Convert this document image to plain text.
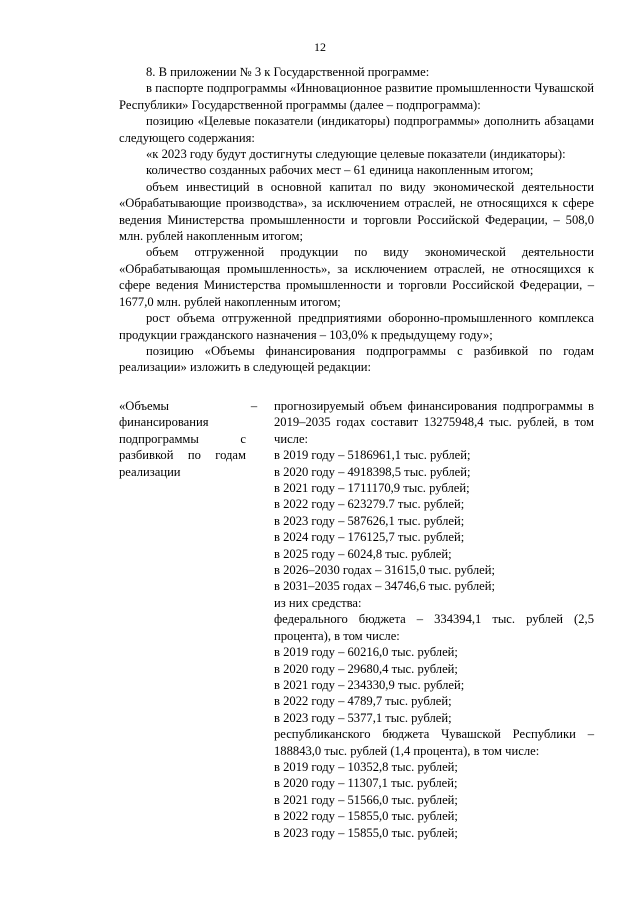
12

8. В приложении № 3 к Государственной программе:

в паспорте подпрограммы «Инновационное развитие промышленности Чувашской Республики» Государственной программы (далее – подпрограмма):

позицию «Целевые показатели (индикаторы) подпрограммы» дополнить абзацами следующего содержания:

«к 2023 году будут достигнуты следующие целевые показатели (индикаторы):

количество созданных рабочих мест – 61 единица накопленным итогом;

объем инвестиций в основной капитал по виду экономической деятельности «Обрабатывающие производства», за исключением отраслей, не относящихся к сфере ведения Министерства промышленности и торговли Российской Федерации, – 508,0 млн. рублей накопленным итогом;

объем отгруженной продукции по виду экономической деятельности «Обрабатывающая промышленность», за исключением отраслей, не относящихся к сфере ведения Министерства промышленности и торговли Российской Федерации, – 1677,0 млн. рублей накопленным итогом;

рост объема отгруженной предприятиями оборонно-промышленного комплекса продукции гражданского назначения – 103,0% к предыдущему году»;

позицию «Объемы финансирования подпрограммы с разбивкой по годам реализации» изложить в следующей редакции:

«Объемы финансирования подпрограммы с разбивкой по годам реализации
– прогнозируемый объем финансирования подпрограммы в 2019–2035 годах составит 13275948,4 тыс. рублей, в том числе:

в 2019 году – 5186961,1 тыс. рублей;

в 2020 году – 4918398,5 тыс. рублей;

в 2021 году – 1711170,9 тыс. рублей;

в 2022 году – 623279.7 тыс. рублей;

в 2023 году – 587626,1 тыс. рублей;

в 2024 году – 176125,7 тыс. рублей;

в 2025 году – 6024,8 тыс. рублей;

в 2026–2030 годах – 31615,0 тыс. рублей;

в 2031–2035 годах – 34746,6 тыс. рублей;

из них средства:

федерального бюджета – 334394,1 тыс. рублей (2,5 процента), в том числе:

в 2019 году – 60216,0 тыс. рублей;

в 2020 году – 29680,4 тыс. рублей;

в 2021 году – 234330,9 тыс. рублей;

в 2022 году – 4789,7 тыс. рублей;

в 2023 году – 5377,1 тыс. рублей;

республиканского бюджета Чувашской Республики – 188843,0 тыс. рублей (1,4 процента), в том числе:

в 2019 году – 10352,8 тыс. рублей;

в 2020 году – 11307,1 тыс. рублей;

в 2021 году – 51566,0 тыс. рублей;

в 2022 году – 15855,0 тыс. рублей;

в 2023 году – 15855,0 тыс. рублей;
